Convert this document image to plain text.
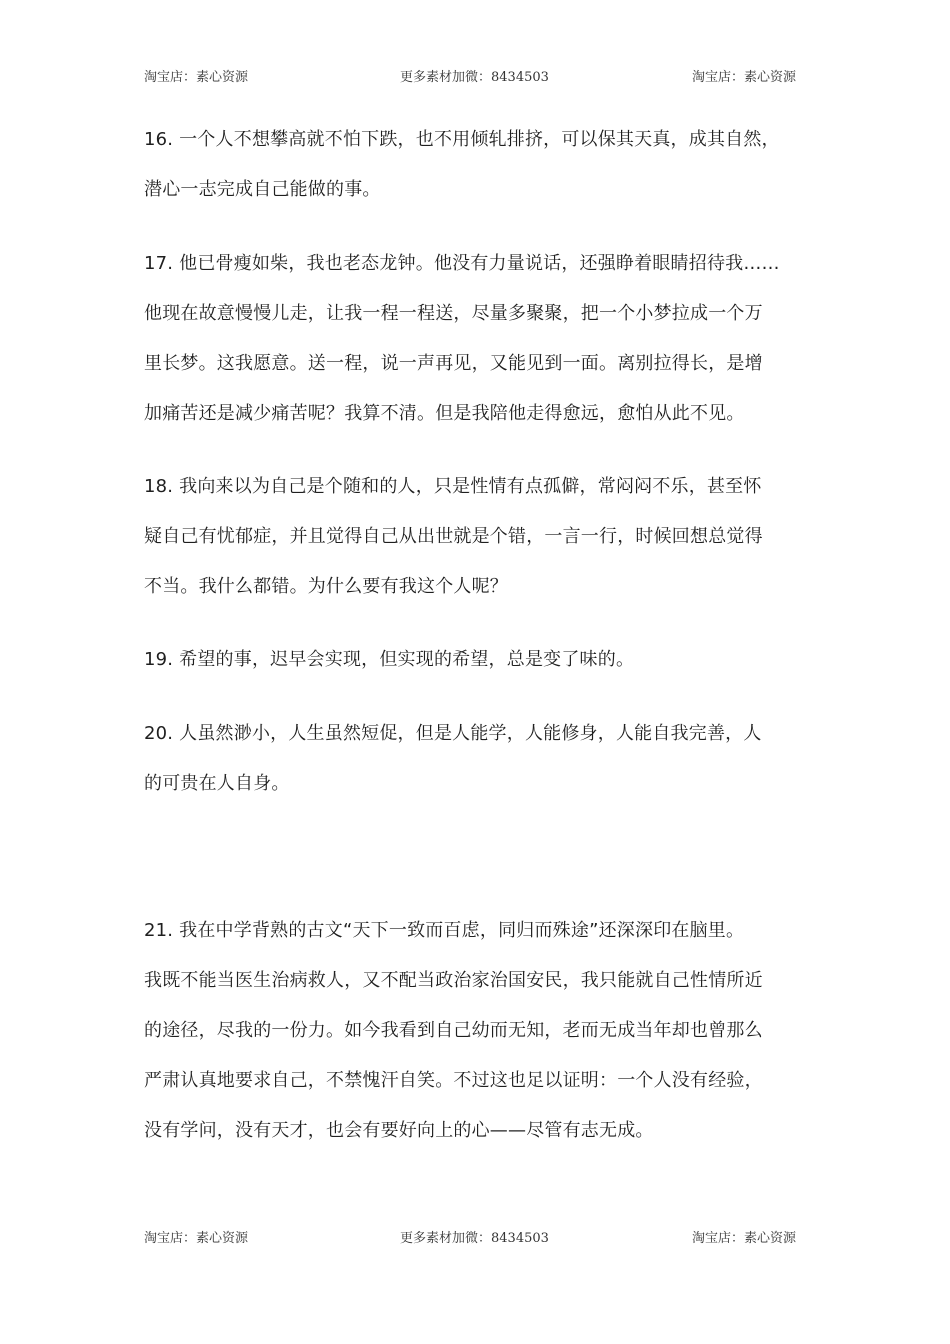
淘宝店：素心资源	更多素材加微：8434503	淘宝店：素心资源
16. 一个人不想攀高就不怕下跌，也不用倾轧排挤，可以保其天真，成其自然，
潜心一志完成自己能做的事。
17. 他已骨瘦如柴，我也老态龙钟。他没有力量说话，还强睁着眼睛招待我……
他现在故意慢慢儿走，让我一程一程送，尽量多聚聚，把一个小梦拉成一个万
里长梦。这我愿意。送一程，说一声再见，又能见到一面。离别拉得长，是增
加痛苦还是减少痛苦呢？我算不清。但是我陪他走得愈远，愈怕从此不见。
18. 我向来以为自己是个随和的人，只是性情有点孤僻，常闷闷不乐，甚至怀
疑自己有忧郁症，并且觉得自己从出世就是个错，一言一行，时候回想总觉得
不当。我什么都错。为什么要有我这个人呢？
19. 希望的事，迟早会实现，但实现的希望，总是变了味的。
20. 人虽然渺小，人生虽然短促，但是人能学，人能修身，人能自我完善，人
的可贵在人自身。
21. 我在中学背熟的古文“天下一致而百虑，同归而殊途”还深深印在脑里。
我既不能当医生治病救人，又不配当政治家治国安民，我只能就自己性情所近
的途径，尽我的一份力。如今我看到自己幼而无知，老而无成当年却也曾那么
严肃认真地要求自己，不禁愧汗自笑。不过这也足以证明：一个人没有经验，
没有学问，没有天才，也会有要好向上的心——尽管有志无成。
淘宝店：素心资源	更多素材加微：8434503	淘宝店：素心资源
